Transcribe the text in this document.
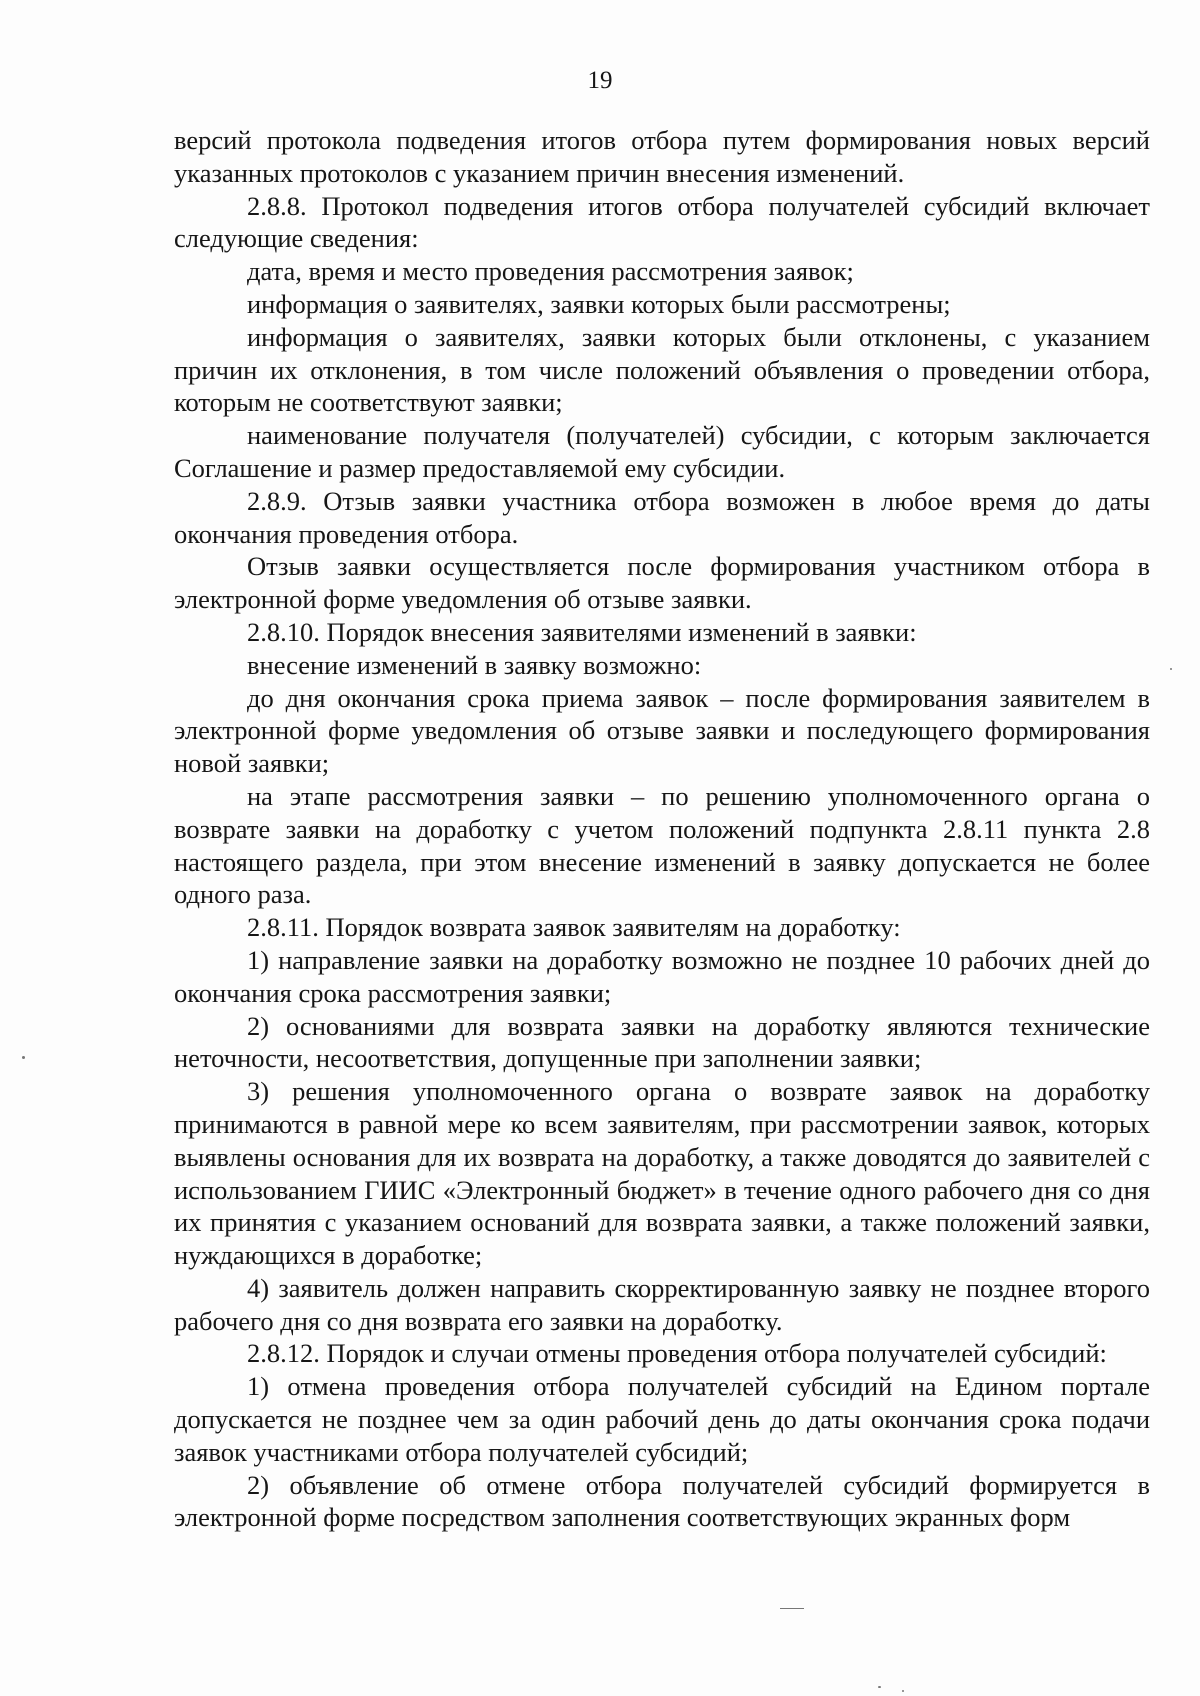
19

версий протокола подведения итогов отбора путем формирования новых версий указанных протоколов с указанием причин внесения изменений.

2.8.8. Протокол подведения итогов отбора получателей субсидий включает следующие сведения:

дата, время и место проведения рассмотрения заявок;

информация о заявителях, заявки которых были рассмотрены;

информация о заявителях, заявки которых были отклонены, с указанием причин их отклонения, в том числе положений объявления о проведении отбора, которым не соответствуют заявки;

наименование получателя (получателей) субсидии, с которым заключается Соглашение и размер предоставляемой ему субсидии.

2.8.9. Отзыв заявки участника отбора возможен в любое время до даты окончания проведения отбора.

Отзыв заявки осуществляется после формирования участником отбора в электронной форме уведомления об отзыве заявки.

2.8.10. Порядок внесения заявителями изменений в заявки:

внесение изменений в заявку возможно:

до дня окончания срока приема заявок – после формирования заявителем в электронной форме уведомления об отзыве заявки и последующего формирования новой заявки;

на этапе рассмотрения заявки – по решению уполномоченного органа о возврате заявки на доработку с учетом положений подпункта 2.8.11 пункта 2.8 настоящего раздела, при этом внесение изменений в заявку допускается не более одного раза.

2.8.11. Порядок возврата заявок заявителям на доработку:

1) направление заявки на доработку возможно не позднее 10 рабочих дней до окончания срока рассмотрения заявки;

2) основаниями для возврата заявки на доработку являются технические неточности, несоответствия, допущенные при заполнении заявки;

3) решения уполномоченного органа о возврате заявок на доработку принимаются в равной мере ко всем заявителям, при рассмотрении заявок, которых выявлены основания для их возврата на доработку, а также доводятся до заявителей с использованием ГИИС «Электронный бюджет» в течение одного рабочего дня со дня их принятия с указанием оснований для возврата заявки, а также положений заявки, нуждающихся в доработке;

4) заявитель должен направить скорректированную заявку не позднее второго рабочего дня со дня возврата его заявки на доработку.

2.8.12. Порядок и случаи отмены проведения отбора получателей субсидий:

1) отмена проведения отбора получателей субсидий на Едином портале допускается не позднее чем за один рабочий день до даты окончания срока подачи заявок участниками отбора получателей субсидий;

2) объявление об отмене отбора получателей субсидий формируется в электронной форме посредством заполнения соответствующих экранных форм
